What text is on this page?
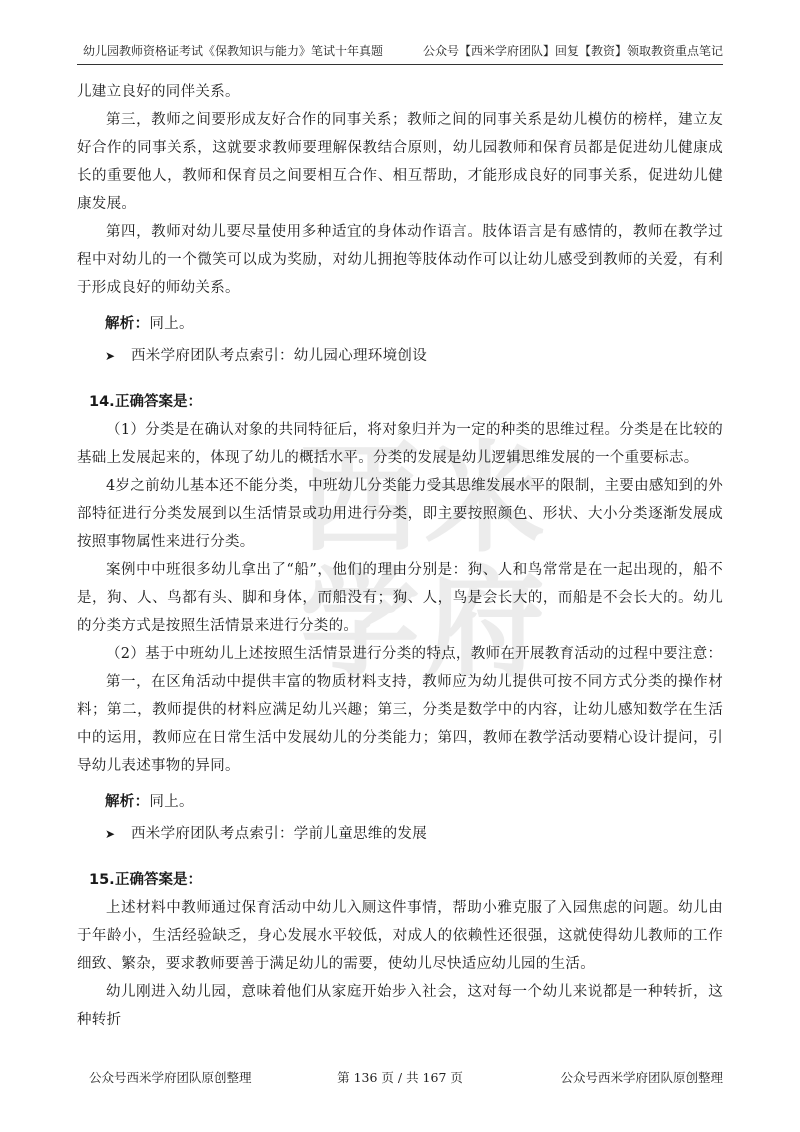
幼儿园教师资格证考试《保教知识与能力》笔试十年真题	公众号【西米学府团队】回复【教资】领取教资重点笔记
西 米
学 府

儿建立良好的同伴关系。

第三，教师之间要形成友好合作的同事关系；教师之间的同事关系是幼儿模仿的榜样，建立友好合作的同事关系，这就要求教师要理解保教结合原则，幼儿园教师和保育员都是促进幼儿健康成长的重要他人，教师和保育员之间要相互合作、相互帮助，才能形成良好的同事关系，促进幼儿健康发展。

第四，教师对幼儿要尽量使用多种适宜的身体动作语言。肢体语言是有感情的，教师在教学过程中对幼儿的一个微笑可以成为奖励，对幼儿拥抱等肢体动作可以让幼儿感受到教师的关爱，有利于形成良好的师幼关系。

解析：同上。

➤ 西米学府团队考点索引：幼儿园心理环境创设

14.正确答案是：

（1）分类是在确认对象的共同特征后，将对象归并为一定的种类的思维过程。分类是在比较的基础上发展起来的，体现了幼儿的概括水平。分类的发展是幼儿逻辑思维发展的一个重要标志。

4岁之前幼儿基本还不能分类，中班幼儿分类能力受其思维发展水平的限制，主要由感知到的外部特征进行分类发展到以生活情景或功用进行分类，即主要按照颜色、形状、大小分类逐渐发展成按照事物属性来进行分类。

案例中中班很多幼儿拿出了“船”，他们的理由分别是：狗、人和鸟常常是在一起出现的，船不是，狗、人、鸟都有头、脚和身体，而船没有；狗、人，鸟是会长大的，而船是不会长大的。幼儿的分类方式是按照生活情景来进行分类的。

（2）基于中班幼儿上述按照生活情景进行分类的特点，教师在开展教育活动的过程中要注意：

第一，在区角活动中提供丰富的物质材料支持，教师应为幼儿提供可按不同方式分类的操作材料；第二，教师提供的材料应满足幼儿兴趣；第三，分类是数学中的内容，让幼儿感知数学在生活中的运用，教师应在日常生活中发展幼儿的分类能力；第四，教师在教学活动要精心设计提问，引导幼儿表述事物的异同。

解析：同上。

➤ 西米学府团队考点索引：学前儿童思维的发展

15.正确答案是：

上述材料中教师通过保育活动中幼儿入厕这件事情，帮助小雅克服了入园焦虑的问题。幼儿由于年龄小，生活经验缺乏，身心发展水平较低，对成人的依赖性还很强，这就使得幼儿教师的工作细致、繁杂，要求教师要善于满足幼儿的需要，使幼儿尽快适应幼儿园的生活。

幼儿刚进入幼儿园，意味着他们从家庭开始步入社会，这对每一个幼儿来说都是一种转折，这种转折

公众号西米学府团队原创整理	第 136 页 / 共 167 页	公众号西米学府团队原创整理
